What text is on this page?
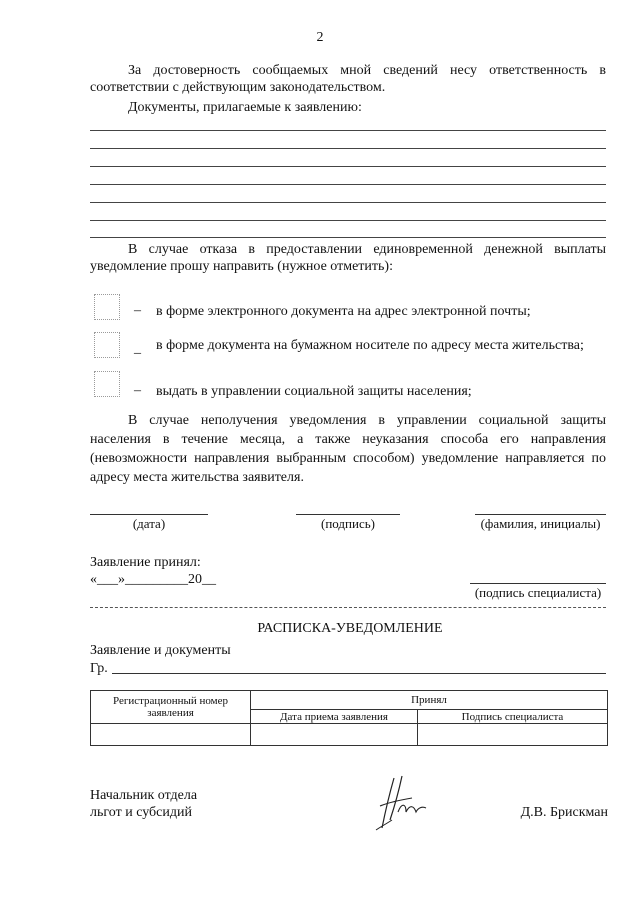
2
За достоверность сообщаемых мной сведений несу ответственность в соответствии с действующим законодательством.
Документы, прилагаемые к заявлению:
В случае отказа в предоставлении единовременной денежной выплаты уведомление прошу направить (нужное отметить):
– в форме электронного документа на адрес электронной почты;
_ в форме документа на бумажном носителе по адресу места жительства;
– выдать в управлении социальной защиты населения;
В случае неполучения уведомления в управлении социальной защиты населения в течение месяца, а также неуказания способа его направления (невозможности направления выбранным способом) уведомление направляется по адресу места жительства заявителя.
(дата)	(подпись)	(фамилия, инициалы)
Заявление принял:
«___»_________20__
(подпись специалиста)
РАСПИСКА-УВЕДОМЛЕНИЕ
Заявление и документы
Гр.
Регистрационный номер заявления	Принял	
	Дата приема заявления	Подпись специалиста

Начальник отдела
льгот и субсидий	Д.В. Брискман
